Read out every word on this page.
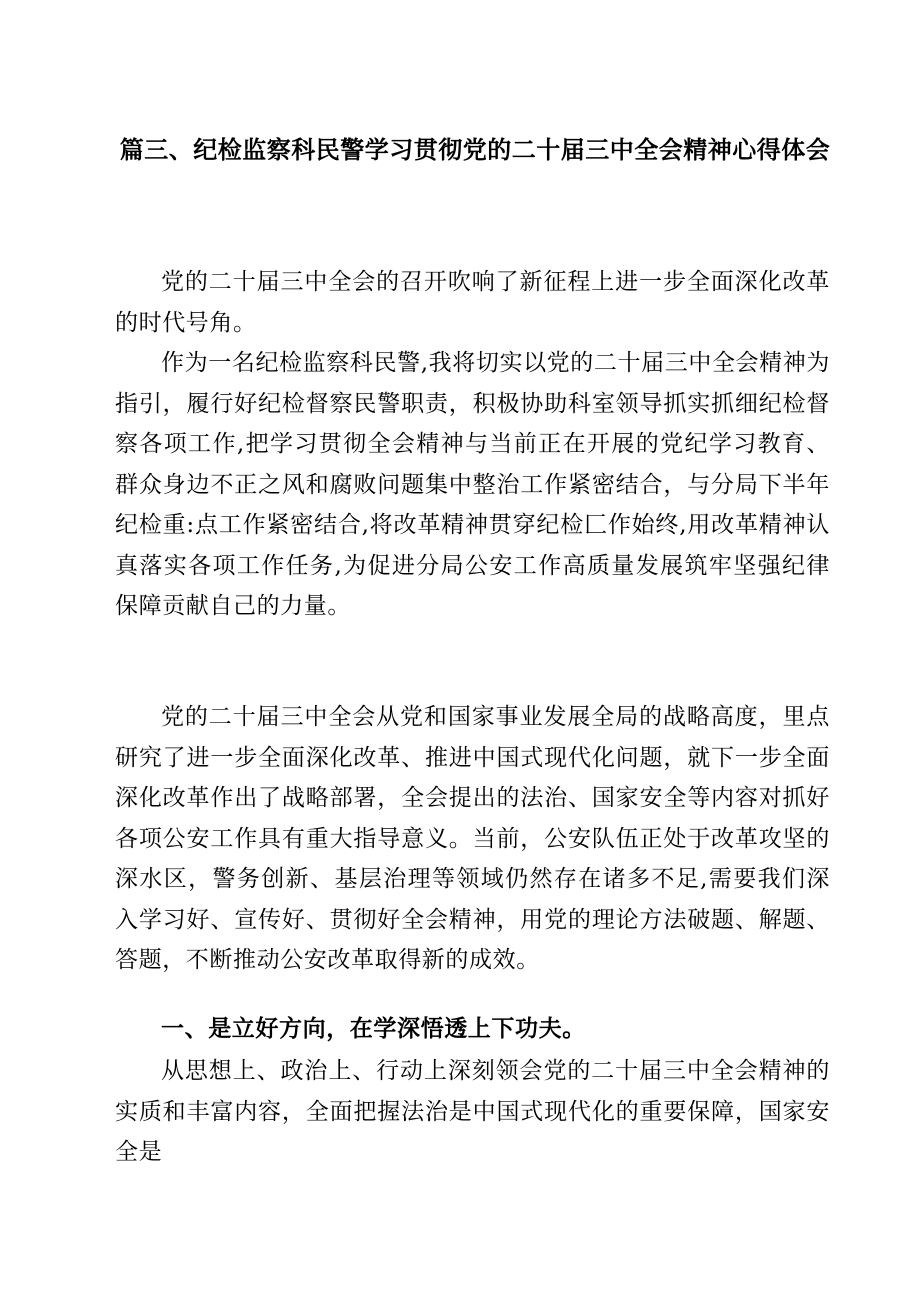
篇三、纪检监察科民警学习贯彻党的二十届三中全会精神心得体会

党的二十届三中全会的召开吹响了新征程上进一步全面深化改革的时代号角。

作为一名纪检监察科民警,我将切实以党的二十届三中全会精神为指引，履行好纪检督察民警职责，积极协助科室领导抓实抓细纪检督察各项工作,把学习贯彻全会精神与当前正在开展的党纪学习教育、群众身边不正之风和腐败问题集中整治工作紧密结合，与分局下半年纪检重:点工作紧密结合,将改革精神贯穿纪检匚作始终,用改革精神认真落实各项工作任务,为促进分局公安工作高质量发展筑牢坚强纪律保障贡献自己的力量。

党的二十届三中全会从党和国家事业发展全局的战略高度，里点研究了进一步全面深化改革、推进中国式现代化问题，就下一步全面深化改革作出了战略部署，全会提出的法治、国家安全等内容对抓好各项公安工作具有重大指导意义。当前，公安队伍正处于改革攻坚的深水区，警务创新、基层治理等领域仍然存在诸多不足,需要我们深入学习好、宣传好、贯彻好全会精神，用党的理论方法破题、解题、答题，不断推动公安改革取得新的成效。

一、是立好方向，在学深悟透上下功夫。

从思想上、政治上、行动上深刻领会党的二十届三中全会精神的实质和丰富内容，全面把握法治是中国式现代化的重要保障，国家安全是
